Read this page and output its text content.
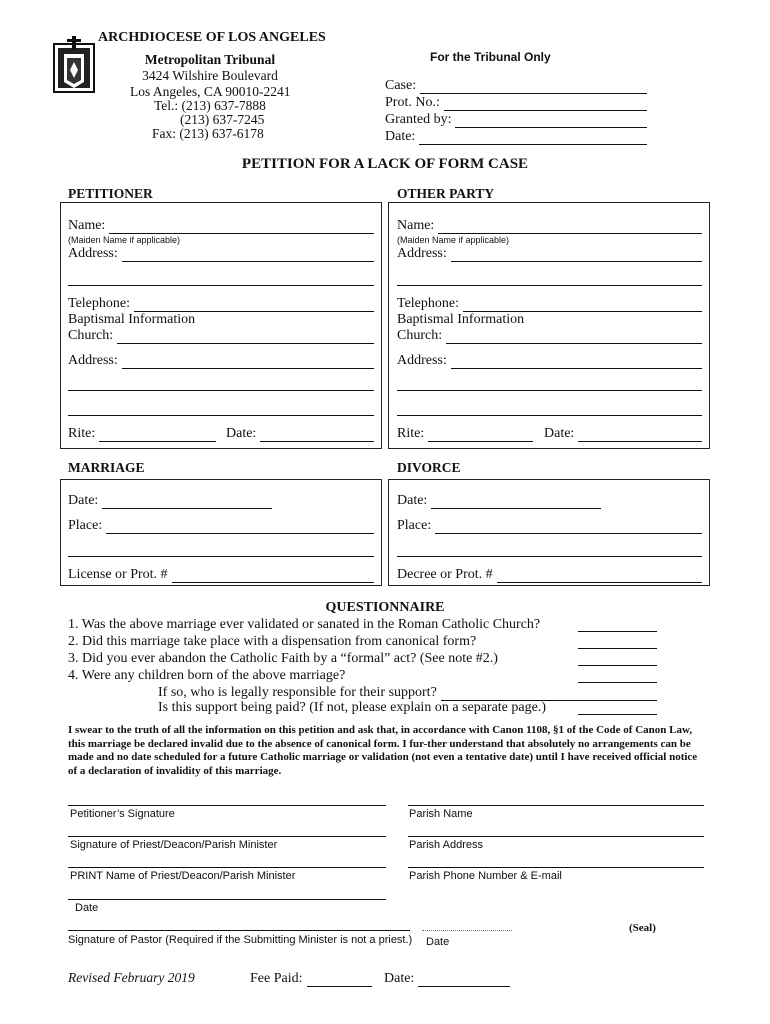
ARCHDIOCESE OF LOS ANGELES
Metropolitan Tribunal
3424 Wilshire Boulevard
Los Angeles, CA 90010-2241
Tel.: (213) 637-7888
(213) 637-7245
Fax: (213) 637-6178
For the Tribunal Only
Case:
Prot. No.:
Granted by:
Date:
PETITION FOR A LACK OF FORM CASE
PETITIONER
Name:
(Maiden Name if applicable)
Address:
Telephone:
Baptismal Information
Church:
Address:
Rite:	Date:
OTHER PARTY
Name:
(Maiden Name if applicable)
Address:
Telephone:
Baptismal Information
Church:
Address:
Rite:	Date:
MARRIAGE
Date:
Place:
License or Prot. #
DIVORCE
Date:
Place:
Decree or Prot. #
QUESTIONNAIRE
1. Was the above marriage ever validated or sanated in the Roman Catholic Church?
2. Did this marriage take place with a dispensation from canonical form?
3. Did you ever abandon the Catholic Faith by a “formal” act? (See note #2.)
4. Were any children born of the above marriage?
If so, who is legally responsible for their support?
Is this support being paid? (If not, please explain on a separate page.)
I swear to the truth of all the information on this petition and ask that, in accordance with Canon 1108, §1 of the Code of Canon Law, this marriage be declared invalid due to the absence of canonical form. I fur-ther understand that absolutely no arrangements can be made and no date scheduled for a future Catholic marriage or validation (not even a tentative date) until I have received official notice of a declaration of invalidity of this marriage.
Petitioner’s Signature	Parish Name
Signature of Priest/Deacon/Parish Minister	Parish Address
PRINT Name of Priest/Deacon/Parish Minister	Parish Phone Number & E-mail
Date
Signature of Pastor (Required if the Submitting Minister is not a priest.) Date
(Seal)
Revised February 2019	Fee Paid:	Date:
